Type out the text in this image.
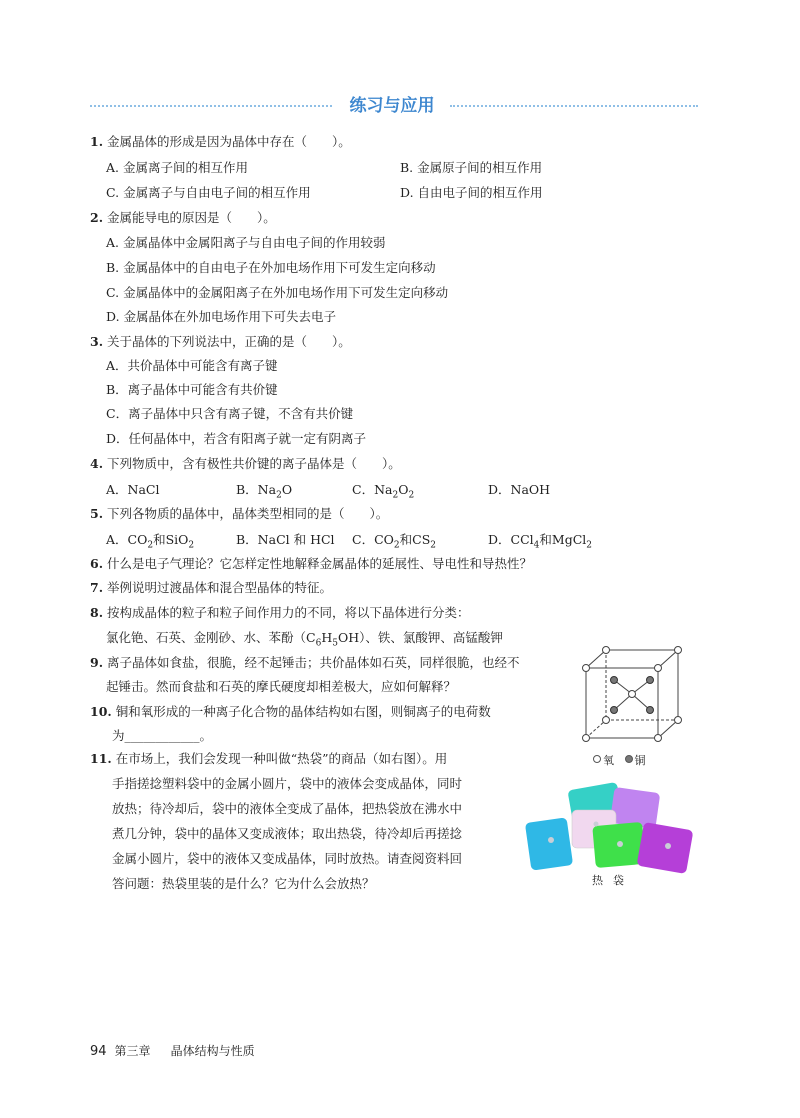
练习与应用
1. 金属晶体的形成是因为晶体中存在（　　）。
A. 金属离子间的相互作用	B. 金属原子间的相互作用
C. 金属离子与自由电子间的相互作用	D. 自由电子间的相互作用
2. 金属能导电的原因是（　　）。
A. 金属晶体中金属阳离子与自由电子间的作用较弱
B. 金属晶体中的自由电子在外加电场作用下可发生定向移动
C. 金属晶体中的金属阳离子在外加电场作用下可发生定向移动
D. 金属晶体在外加电场作用下可失去电子
3. 关于晶体的下列说法中，正确的是（　　）。
A．共价晶体中可能含有离子键
B．离子晶体中可能含有共价键
C．离子晶体中只含有离子键，不含有共价键
D．任何晶体中，若含有阳离子就一定有阴离子
4. 下列物质中，含有极性共价键的离子晶体是（　　）。
A．NaCl	B．$Na_2O$	C．$Na_2O_2$	D．NaOH
5. 下列各物质的晶体中，晶体类型相同的是（　　）。
A．$CO_2$和SiO$_2$	B．NaCl 和 HCl C．$CO_2$和$CS_2$	D．CCl$_4$和MgCl$_2$
6. 什么是电子气理论？它怎样定性地解释金属晶体的延展性、导电性和导热性？
7. 举例说明过渡晶体和混合型晶体的特征。
8. 按构成晶体的粒子和粒子间作用力的不同，将以下晶体进行分类：
氯化铯、石英、金刚砂、水、苯酚$(C_6H_5OH)$、铁、氯酸钾、高锰酸钾
9. 离子晶体如食盐，很脆，经不起锤击；共价晶体如石英，同样很脆，也经不
起锤击。然而食盐和石英的摩氏硬度却相差极大，应如何解释？
10. 铜和氧形成的一种离子化合物的晶体结构如右图，则铜离子的电荷数
为____________。
氧 铜
11. 在市场上，我们会发现一种叫做“热袋”的商品（如右图）。用
手指搓捻塑料袋中的金属小圆片，袋中的液体会变成晶体，同时
放热；待冷却后，袋中的液体全变成了晶体，把热袋放在沸水中
煮几分钟，袋中的晶体又变成液体；取出热袋，待冷却后再搓捻
金属小圆片，袋中的液体又变成晶体，同时放热。请查阅资料回
答问题：热袋里装的是什么？它为什么会放热？	热袋
94 第三章 晶体结构与性质
